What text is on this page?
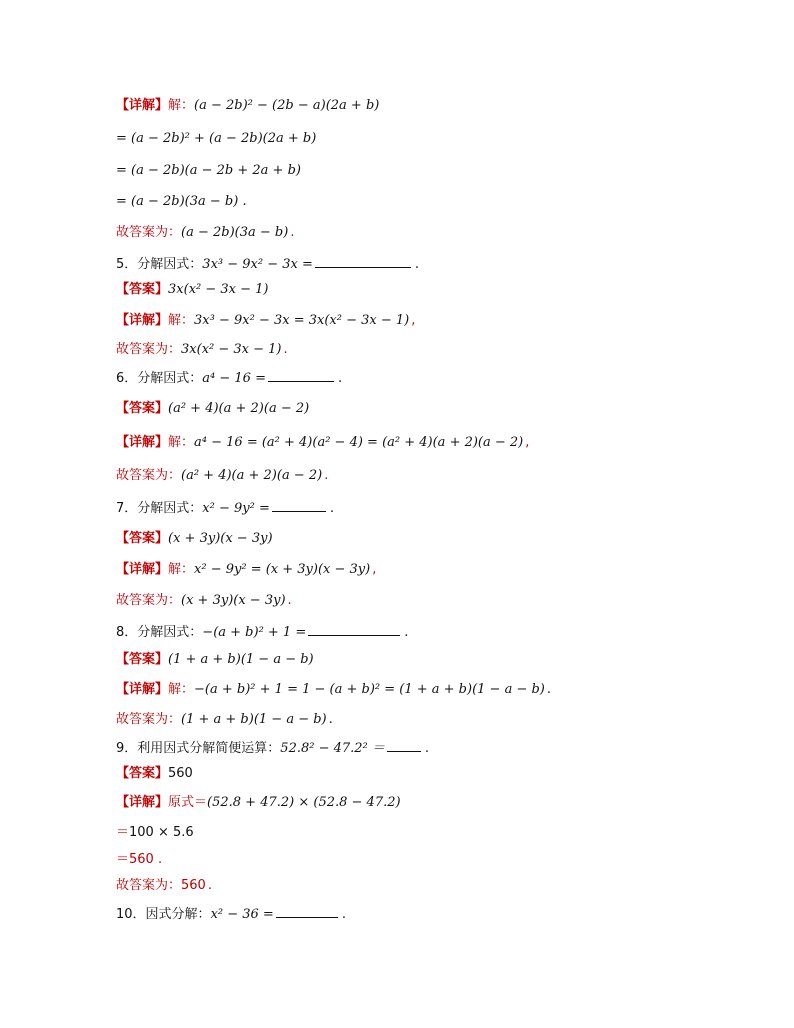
【详解】解：(a − 2b)² − (2b − a)(2a + b)
= (a − 2b)² + (a − 2b)(2a + b)
= (a − 2b)(a − 2b + 2a + b)
= (a − 2b)(3a − b) .
故答案为：(a − 2b)(3a − b) .
5．分解因式：3x³ − 9x² − 3x =	.
【答案】3x(x² − 3x − 1)
【详解】解：3x³ − 9x² − 3x = 3x(x² − 3x − 1) ,
故答案为：3x(x² − 3x − 1) .
6．分解因式：a⁴ − 16 =	.
【答案】(a² + 4)(a + 2)(a − 2)
【详解】解：a⁴ − 16 = (a² + 4)(a² − 4) = (a² + 4)(a + 2)(a − 2) ,
故答案为：(a² + 4)(a + 2)(a − 2) .
7．分解因式：x² − 9y² =	.
【答案】(x + 3y)(x − 3y)
【详解】解：x² − 9y² = (x + 3y)(x − 3y) ,
故答案为：(x + 3y)(x − 3y) .
8．分解因式：−(a + b)² + 1 =	.
【答案】(1 + a + b)(1 − a − b)
【详解】解：−(a + b)² + 1 = 1 − (a + b)² = (1 + a + b)(1 − a − b) .
故答案为：(1 + a + b)(1 − a − b) .
9．利用因式分解简便运算：52.8² − 47.2² ＝	.
【答案】560
【详解】原式＝(52.8 + 47.2) × (52.8 − 47.2)
＝100 × 5.6
＝560 .
故答案为：560 .
10．因式分解：x² − 36 =	.
